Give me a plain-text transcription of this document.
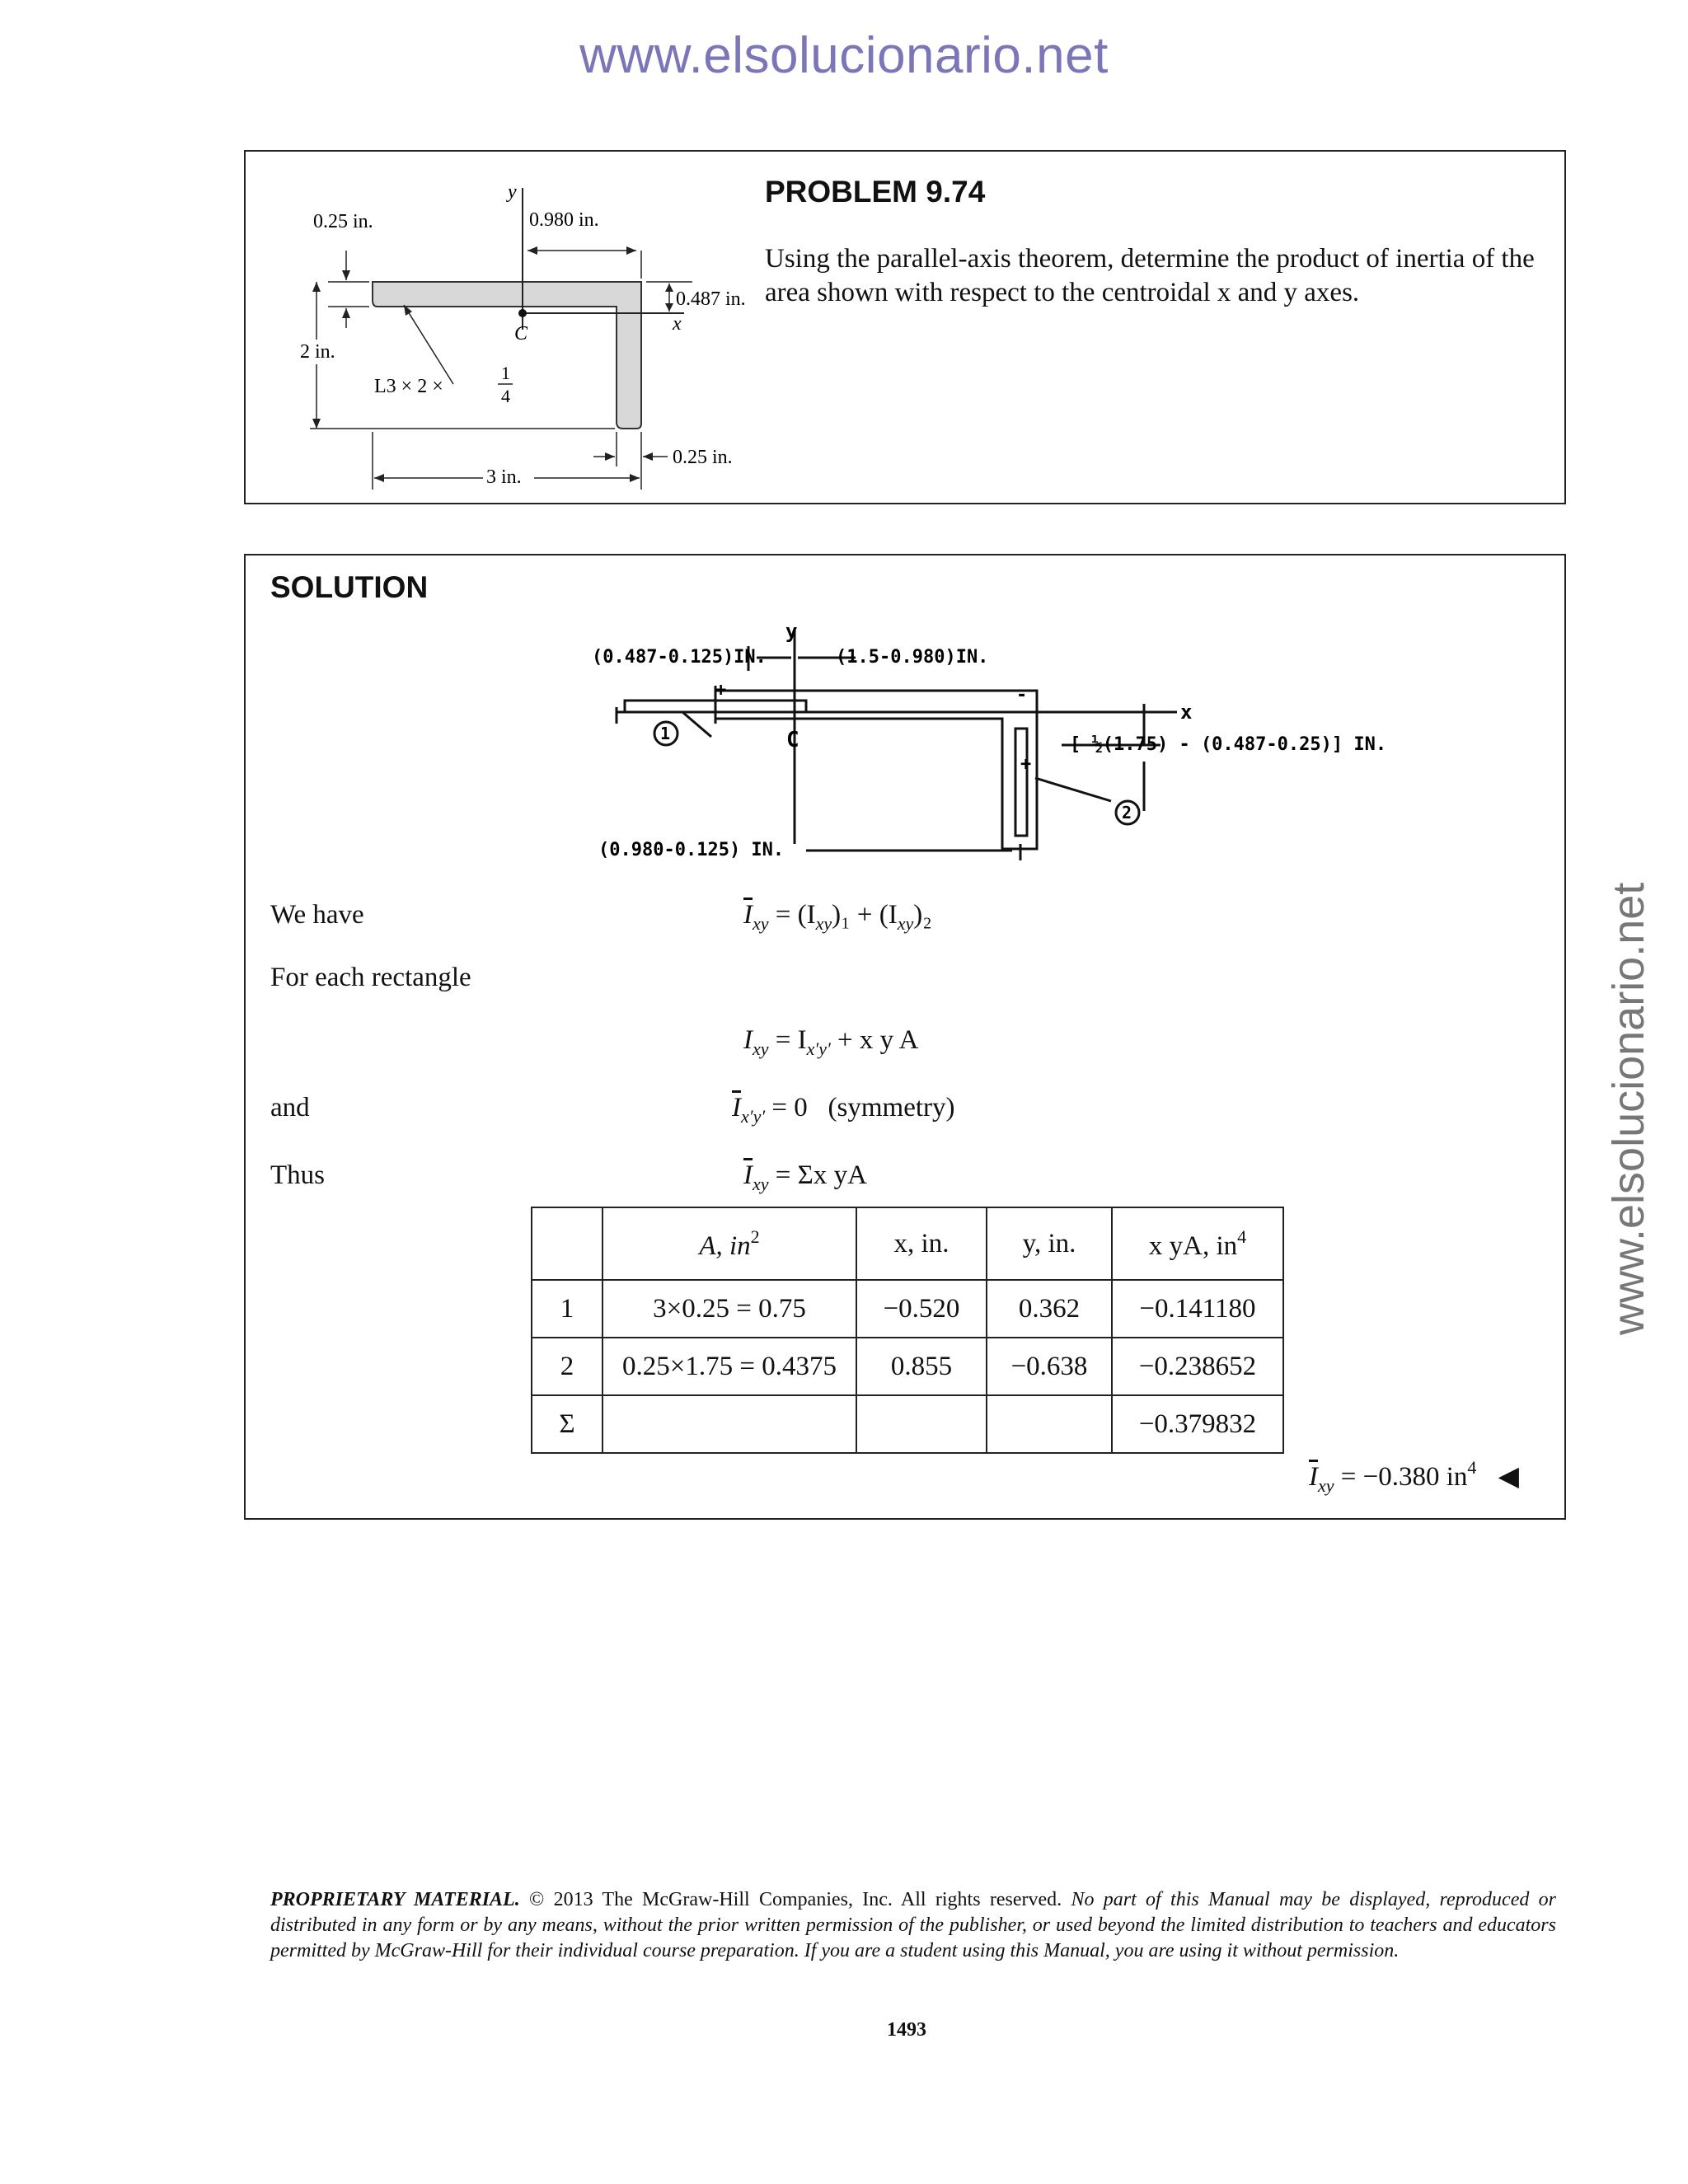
www.elsolucionario.net
www.elsolucionario.net
y
x
C
0.980 in.
0.25 in.
0.487 in.
2 in.
3 in.
0.25 in.
L3 × 2 ×
1
4
PROBLEM 9.74
Using the parallel-axis theorem, determine the product of inertia of the area shown with respect to the centroidal x and y axes.
SOLUTION
1
2
+
+
-
y
x
C
(0.487-0.125)IN.	(1.5-0.980)IN.
[ ½(1.75) - (0.487-0.25)] IN.
(0.980-0.125) IN.
We have	$\overline{I}_{xy} = (I_{xy})_1 + (I_{xy})_2$
For each rectangle
$I_{xy} = I_{x'y'} + x$ y A
and	$\overline{I}_{x'y'} = 0$ (symmetry)
Thus	$\overline{I}_{xy} = \Sigma x$ yA
	A, $in^2$	x, in.	y, in.	x yA, $in^4$
1	3×0.25 = 0.75	−0.520	0.362	−0.141180
2	0.25×1.75 = 0.4375	0.855	−0.638	−0.238652
Σ				−0.379832
$\overline{I}_{xy} = -0.380$ $in^4$ ◀
PROPRIETARY MATERIAL. © 2013 The McGraw-Hill Companies, Inc. All rights reserved. No part of this Manual may be displayed, reproduced or distributed in any form or by any means, without the prior written permission of the publisher, or used beyond the limited distribution to teachers and educators permitted by McGraw-Hill for their individual course preparation. If you are a student using this Manual, you are using it without permission.
1493
